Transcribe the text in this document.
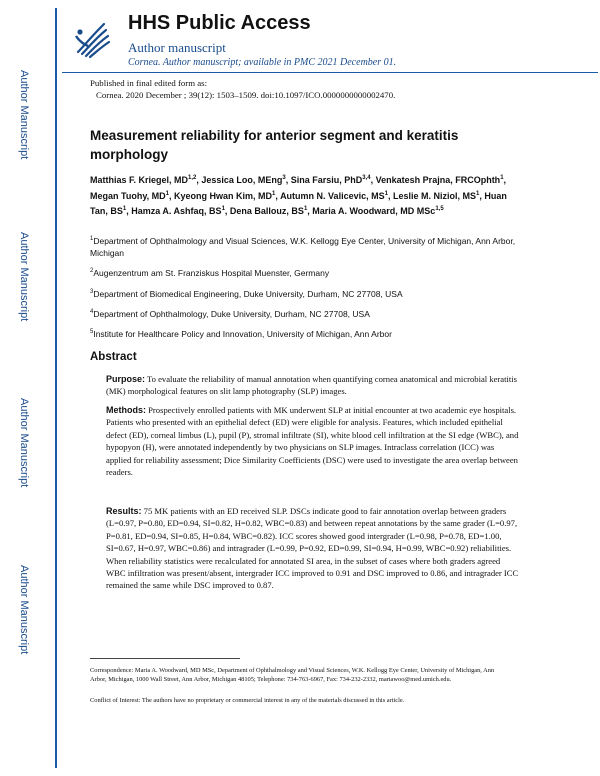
Author Manuscript
Author Manuscript
Author Manuscript
Author Manuscript
HHS Public Access
Author manuscript
Cornea. Author manuscript; available in PMC 2021 December 01.
Published in final edited form as:
Cornea. 2020 December ; 39(12): 1503–1509. doi:10.1097/ICO.0000000000002470.
Measurement reliability for anterior segment and keratitis morphology
Matthias F. Kriegel, MD$^{1,2}$, Jessica Loo, MEng$^3$, Sina Farsiu, PhD$^{3,4}$, Venkatesh Prajna, FRCOphth$^1$, Megan Tuohy, $MD^1$, Kyeong Hwan Kim, $MD^1$, Autumn N. Valicevic, $MS^1$, Leslie M. Niziol, $MS^1$, Huan Tan, $BS^1$, Hamza A. Ashfaq, $BS^1$, Dena Ballouz, $BS^1$, Maria A. Woodward, MD MSc$^{1,5}$
$^1$Department of Ophthalmology and Visual Sciences, W.K. Kellogg Eye Center, University of Michigan, Ann Arbor, Michigan
$^2$Augenzentrum am St. Franziskus Hospital Muenster, Germany
$^3$Department of Biomedical Engineering, Duke University, Durham, NC 27708, USA
$^4$Department of Ophthalmology, Duke University, Durham, NC 27708, USA
$^5$Institute for Healthcare Policy and Innovation, University of Michigan, Ann Arbor
Abstract
Purpose: To evaluate the reliability of manual annotation when quantifying cornea anatomical and microbial keratitis (MK) morphological features on slit lamp photography (SLP) images.
Methods: Prospectively enrolled patients with MK underwent SLP at initial encounter at two academic eye hospitals. Patients who presented with an epithelial defect (ED) were eligible for analysis. Features, which included epithelial defect (ED), corneal limbus (L), pupil (P), stromal infiltrate (SI), white blood cell infiltration at the SI edge (WBC), and hypopyon (H), were annotated independently by two physicians on SLP images. Intraclass correlation (ICC) was applied for reliability assessment; Dice Similarity Coefficients (DSC) were used to investigate the area overlap between readers.
Results: 75 MK patients with an ED received SLP. DSCs indicate good to fair annotation overlap between graders (L=0.97, P=0.80, ED=0.94, SI=0.82, H=0.82, WBC=0.83) and between repeat annotations by the same grader (L=0.97, P=0.81, ED=0.94, SI=0.85, H=0.84, WBC=0.82). ICC scores showed good intergrader (L=0.98, P=0.78, ED=1.00, SI=0.67, H=0.97, WBC=0.86) and intragrader (L=0.99, P=0.92, ED=0.99, SI=0.94, H=0.99, WBC=0.92) reliabilities. When reliability statistics were recalculated for annotated SI area, in the subset of cases where both graders agreed WBC infiltration was present/absent, intergrader ICC improved to 0.91 and DSC improved to 0.86, and intragrader ICC remained the same while DSC improved to 0.87.
Correspondence: Maria A. Woodward, MD MSc, Department of Ophthalmology and Visual Sciences, W.K. Kellogg Eye Center, University of Michigan, Ann Arbor, Michigan, 1000 Wall Street, Ann Arbor, Michigan 48105; Telephone: 734-763-6967, Fax: 734-232-2332, mariawoo@med.umich.edu.
Conflict of Interest: The authors have no proprietary or commercial interest in any of the materials discussed in this article.
